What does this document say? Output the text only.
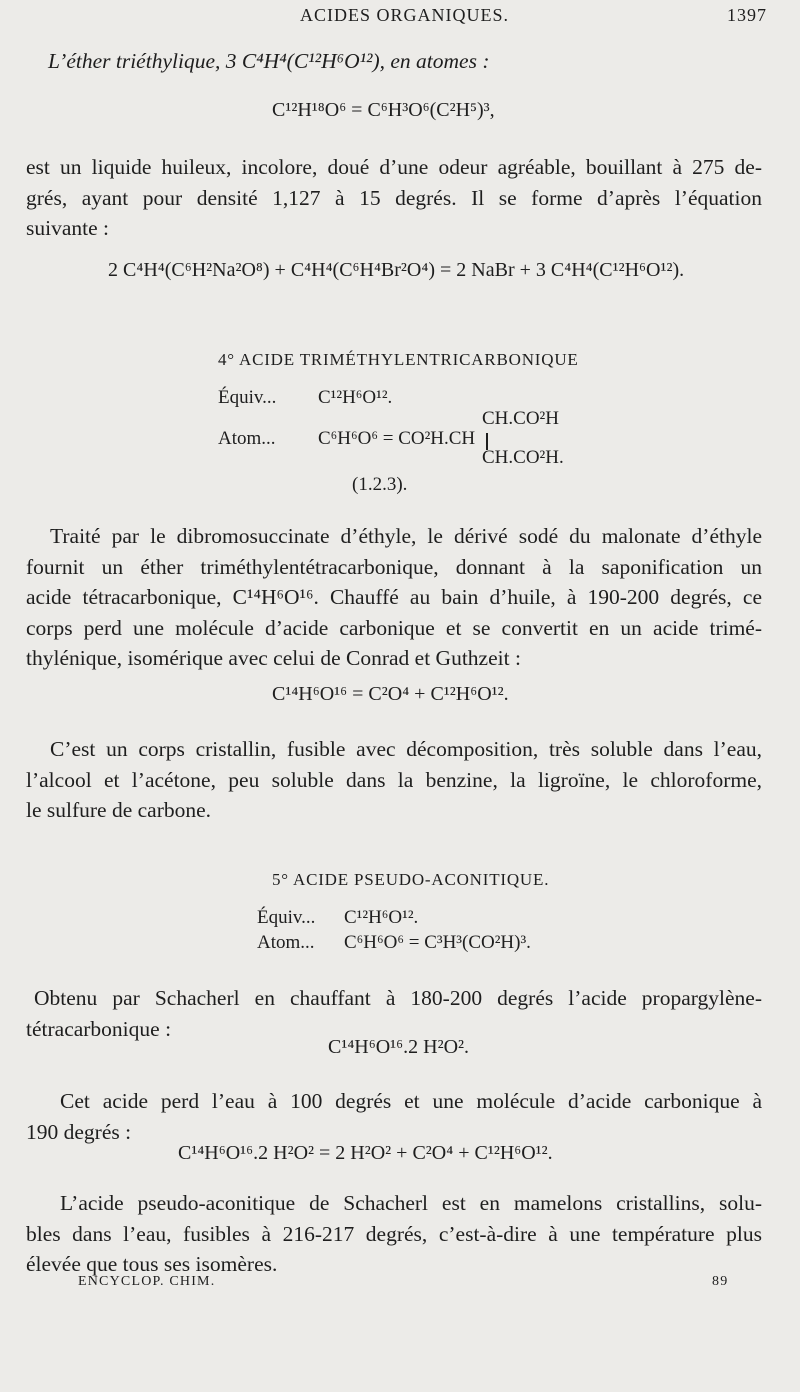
ACIDES ORGANIQUES.	1397
L’éther triéthylique, 3 C⁴H⁴(C¹²H⁶O¹²), en atomes :
C¹²H¹⁸O⁶ = C⁶H³O⁶(C²H⁵)³,
est un liquide huileux, incolore, doué d’une odeur agréable, bouillant à 275 de-
grés, ayant pour densité 1,127 à 15 degrés. Il se forme d’après l’équation
suivante :
2 C⁴H⁴(C⁶H²Na²O⁸) + C⁴H⁴(C⁶H⁴Br²O⁴) = 2 NaBr + 3 C⁴H⁴(C¹²H⁶O¹²).
4° ACIDE TRIMÉTHYLENTRICARBONIQUE
Équiv... C¹²H⁶O¹².
CH.CO²H
Atom... C⁶H⁶O⁶ = CO²H.CH
CH.CO²H.
(1.2.3).
Traité par le dibromosuccinate d’éthyle, le dérivé sodé du malonate d’éthyle
fournit un éther triméthylentétracarbonique, donnant à la saponification un
acide tétracarbonique, C¹⁴H⁶O¹⁶. Chauffé au bain d’huile, à 190-200 degrés, ce
corps perd une molécule d’acide carbonique et se convertit en un acide trimé-
thylénique, isomérique avec celui de Conrad et Guthzeit :
C¹⁴H⁶O¹⁶ = C²O⁴ + C¹²H⁶O¹².
C’est un corps cristallin, fusible avec décomposition, très soluble dans l’eau,
l’alcool et l’acétone, peu soluble dans la benzine, la ligroïne, le chloroforme,
le sulfure de carbone.
5° ACIDE PSEUDO-ACONITIQUE.
Équiv... C¹²H⁶O¹².
Atom... C⁶H⁶O⁶ = C³H³(CO²H)³.
Obtenu par Schacherl en chauffant à 180-200 degrés l’acide propargylène-
tétracarbonique :
C¹⁴H⁶O¹⁶.2 H²O².
Cet acide perd l’eau à 100 degrés et une molécule d’acide carbonique à
190 degrés :
C¹⁴H⁶O¹⁶.2 H²O² = 2 H²O² + C²O⁴ + C¹²H⁶O¹².
L’acide pseudo-aconitique de Schacherl est en mamelons cristallins, solu-
bles dans l’eau, fusibles à 216-217 degrés, c’est-à-dire à une température plus
élevée que tous ses isomères.
ENCYCLOP. CHIM.	89
